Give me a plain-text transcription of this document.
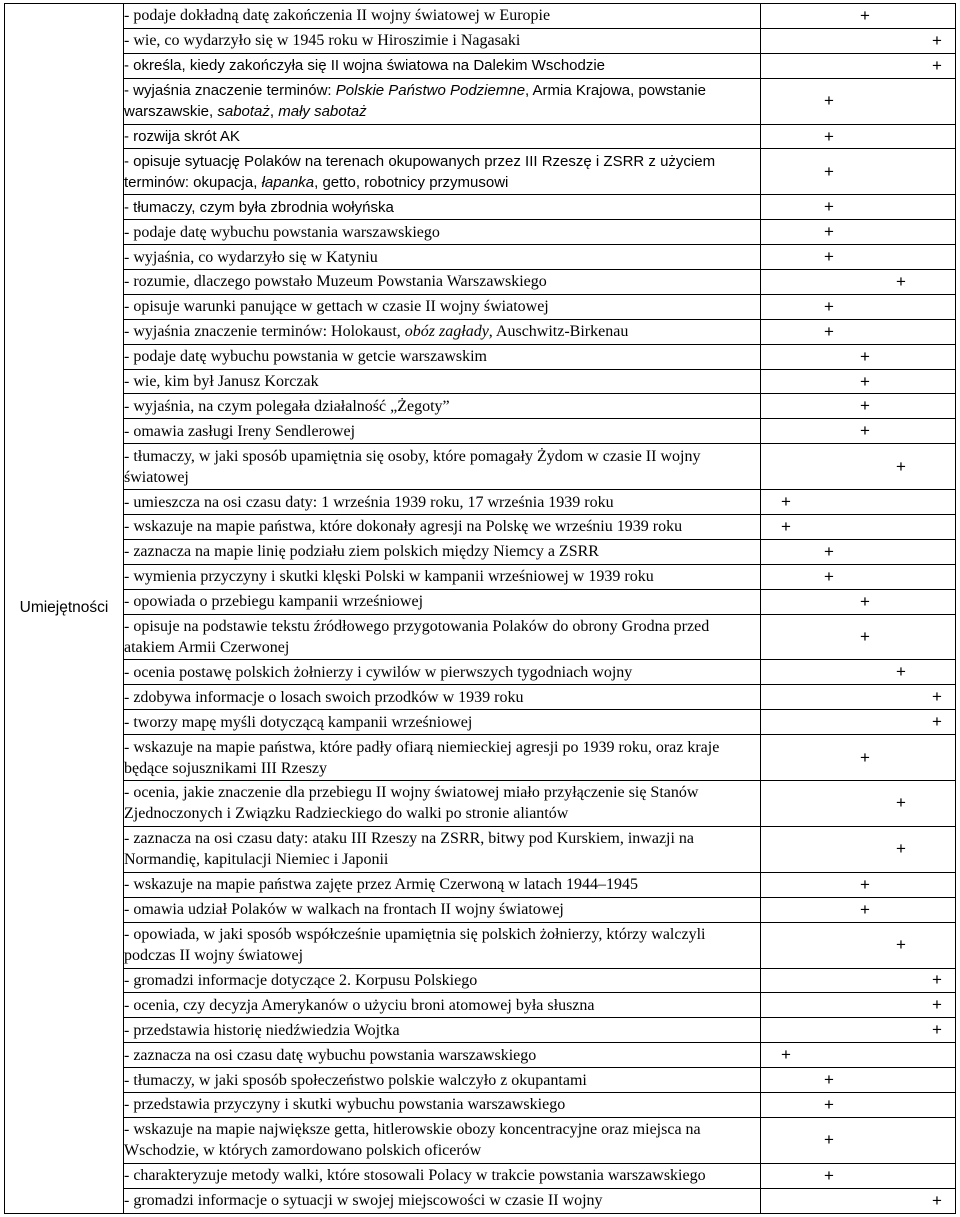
Umiejętności	- podaje dokładną datę zakończenia II wojny światowej w Europie			+		
	- wie, co wydarzyło się w 1945 roku w Hiroszimie i Nagasaki					+
	- określa, kiedy zakończyła się II wojna światowa na Dalekim Wschodzie					+
	- wyjaśnia znaczenie terminów: Polskie Państwo Podziemne, Armia Krajowa, powstanie warszawskie, sabotaż, mały sabotaż		+			
	- rozwija skrót AK		+			
	- opisuje sytuację Polaków na terenach okupowanych przez III Rzeszę i ZSRR z użyciem terminów: okupacja, łapanka, getto, robotnicy przymusowi		+			
	- tłumaczy, czym była zbrodnia wołyńska		+			
	- podaje datę wybuchu powstania warszawskiego		+			
	- wyjaśnia, co wydarzyło się w Katyniu		+			
	- rozumie, dlaczego powstało Muzeum Powstania Warszawskiego				+	
	- opisuje warunki panujące w gettach w czasie II wojny światowej		+			
	- wyjaśnia znaczenie terminów: Holokaust, obóz zagłady, Auschwitz-Birkenau		+			
	- podaje datę wybuchu powstania w getcie warszawskim			+		
	- wie, kim był Janusz Korczak			+		
	- wyjaśnia, na czym polegała działalność „Żegoty”			+		
	- omawia zasługi Ireny Sendlerowej			+		
	- tłumaczy, w jaki sposób upamiętnia się osoby, które pomagały Żydom w czasie II wojny światowej				+	
	- umieszcza na osi czasu daty: 1 września 1939 roku, 17 września 1939 roku	+				
	- wskazuje na mapie państwa, które dokonały agresji na Polskę we wrześniu 1939 roku	+				
	- zaznacza na mapie linię podziału ziem polskich między Niemcy a ZSRR		+			
	- wymienia przyczyny i skutki klęski Polski w kampanii wrześniowej w 1939 roku		+			
	- opowiada o przebiegu kampanii wrześniowej			+		
	- opisuje na podstawie tekstu źródłowego przygotowania Polaków do obrony Grodna przed atakiem Armii Czerwonej			+		
	- ocenia postawę polskich żołnierzy i cywilów w pierwszych tygodniach wojny				+	
	- zdobywa informacje o losach swoich przodków w 1939 roku					+
	- tworzy mapę myśli dotyczącą kampanii wrześniowej					+
	- wskazuje na mapie państwa, które padły ofiarą niemieckiej agresji po 1939 roku, oraz kraje będące sojusznikami III Rzeszy			+		
	- ocenia, jakie znaczenie dla przebiegu II wojny światowej miało przyłączenie się Stanów Zjednoczonych i Związku Radzieckiego do walki po stronie aliantów				+	
	- zaznacza na osi czasu daty: ataku III Rzeszy na ZSRR, bitwy pod Kurskiem, inwazji na Normandię, kapitulacji Niemiec i Japonii				+	
	- wskazuje na mapie państwa zajęte przez Armię Czerwoną w latach 1944–1945			+		
	- omawia udział Polaków w walkach na frontach II wojny światowej			+		
	- opowiada, w jaki sposób współcześnie upamiętnia się polskich żołnierzy, którzy walczyli podczas II wojny światowej				+	
	- gromadzi informacje dotyczące 2. Korpusu Polskiego					+
	- ocenia, czy decyzja Amerykanów o użyciu broni atomowej była słuszna					+
	- przedstawia historię niedźwiedzia Wojtka					+
	- zaznacza na osi czasu datę wybuchu powstania warszawskiego	+				
	- tłumaczy, w jaki sposób społeczeństwo polskie walczyło z okupantami		+			
	- przedstawia przyczyny i skutki wybuchu powstania warszawskiego		+			
	- wskazuje na mapie największe getta, hitlerowskie obozy koncentracyjne oraz miejsca na Wschodzie, w których zamordowano polskich oficerów		+			
	- charakteryzuje metody walki, które stosowali Polacy w trakcie powstania warszawskiego		+			
	- gromadzi informacje o sytuacji w swojej miejscowości w czasie II wojny					+
